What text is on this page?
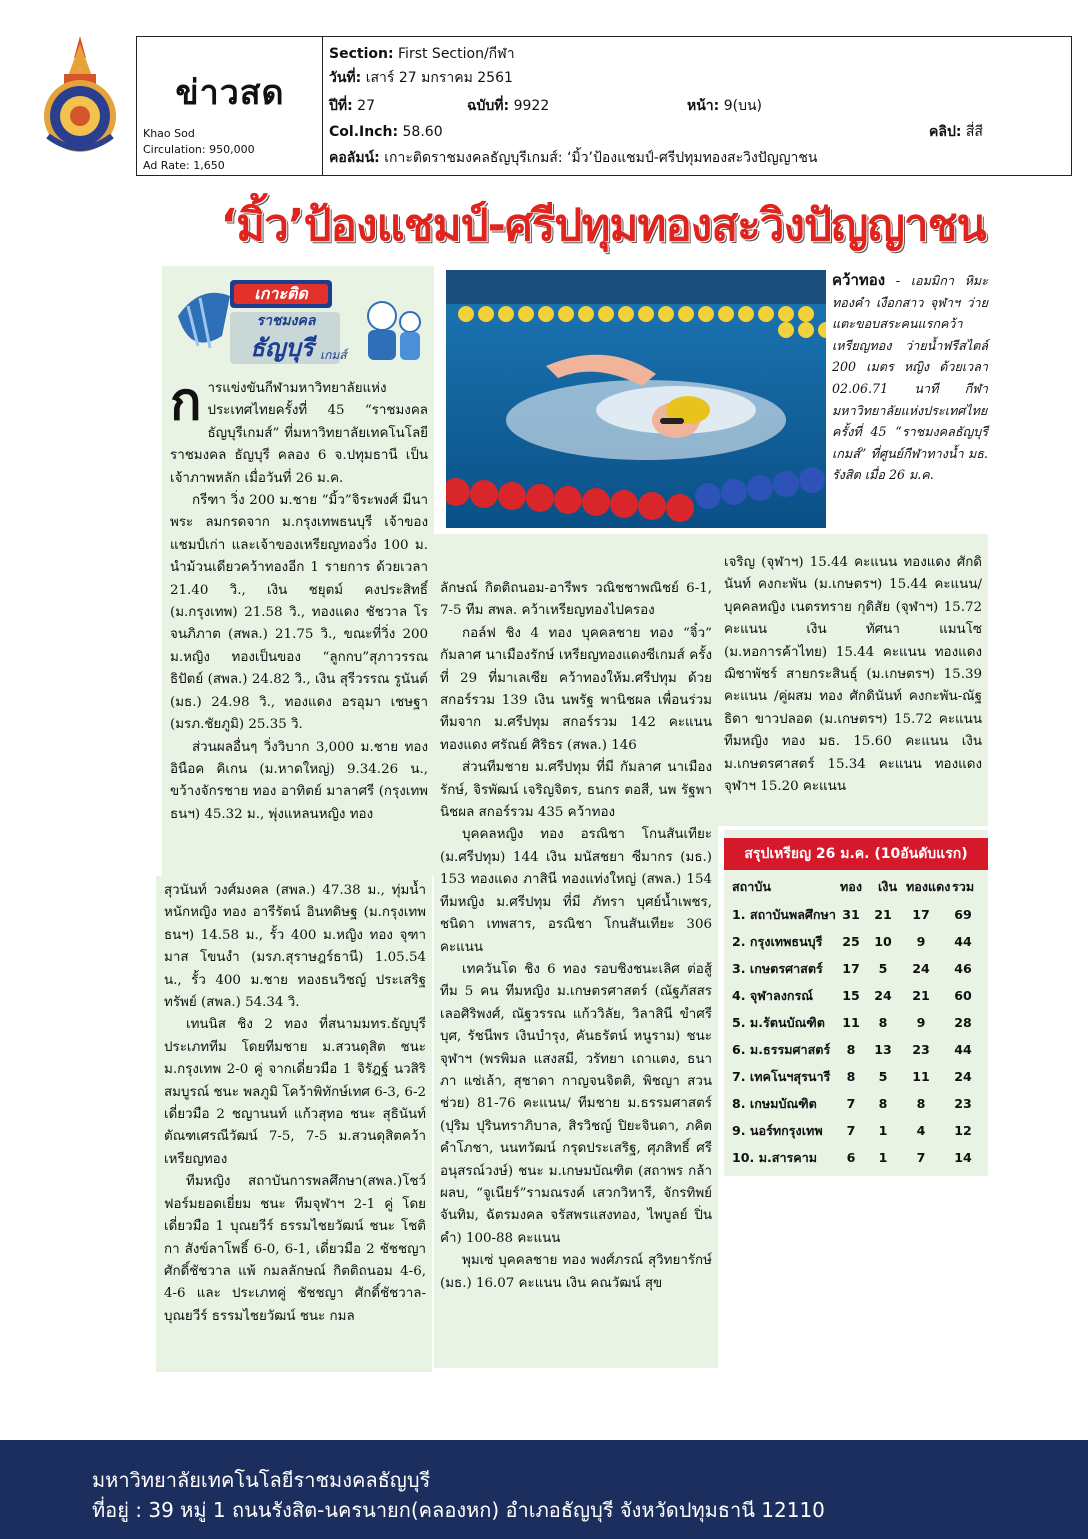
ข่าวสด
Khao Sod
Circulation: 950,000
Ad Rate: 1,650
Section: First Section/กีฬา
วันที่: เสาร์ 27 มกราคม 2561
ปีที่: 27	ฉบับที่: 9922	หน้า: 9(บน)
Col.Inch: 58.60	คลิป: สี่สี
คอลัมน์: เกาะติดราชมงคลธัญบุรีเกมส์: ‘มิ้ว’ป้องแชมป์-ศรีปทุมทองสะวิงปัญญาชน
‘มิ้ว’ป้องแชมป์-ศรีปทุมทองสะวิงปัญญาชน
เกาะติด
ราชมงคล
ธัญบุรี เกมส์

การแข่งขันกีฬามหาวิทยาลัยแห่งประเทศไทยครั้งที่ 45 “ราชมงคลธัญบุรีเกมส์” ที่มหาวิทยาลัยเทคโนโลยีราชมงคล ธัญบุรี คลอง 6 จ.ปทุมธานี เป็นเจ้าภาพหลัก เมื่อวันที่ 26 ม.ค.

กรีฑา วิ่ง 200 ม.ชาย “มิ้ว”จิระพงศ์ มีนาพระ ลมกรดจาก ม.กรุงเทพธนบุรี เจ้าของแชมป์เก่า และเจ้าของเหรียญทองวิ่ง 100 ม. นำม้วนเดียวคว้าทองอีก 1 รายการ ด้วยเวลา 21.40 วิ., เงิน ชยุตม์ คงประสิทธิ์ (ม.กรุงเทพ) 21.58 วิ., ทองแดง ชัชวาล โรจนภิภาต (สพล.) 21.75 วิ., ขณะที่วิ่ง 200 ม.หญิง ทองเป็นของ “ลูกกบ”สุภาวรรณ ธิปัตย์ (สพล.) 24.82 วิ., เงิน สุรีวรรณ รูนันต์ (มธ.) 24.98 วิ., ทองแดง อรอุมา เชษฐา (มรภ.ชัยภูมิ) 25.35 วิ.

ส่วนผลอื่นๆ วิ่งวิบาก 3,000 ม.ชาย ทอง อินือค คิเกน (ม.หาดใหญ่) 9.34.26 น., ขว้างจักรชาย ทอง อาทิตย์ มาลาศรี (กรุงเทพธนฯ) 45.32 ม., พุ่งแหลนหญิง ทอง

สุวนันท์ วงศ์มงคล (สพล.) 47.38 ม., ทุ่มน้ำหนักหญิง ทอง อารีรัตน์ อินทดิษฐ (ม.กรุงเทพธนฯ) 14.58 ม., รั้ว 400 ม.หญิง ทอง จุฑามาส โขนงำ (มรภ.สุราษฎร์ธานี) 1.05.54 น., รั้ว 400 ม.ชาย ทองธนวิชญ์ ประเสริฐทรัพย์ (สพล.) 54.34 วิ.

เทนนิส ชิง 2 ทอง ที่สนามมทร.ธัญบุรี ประเภททีม โดยทีมชาย ม.สวนดุสิต ชนะ ม.กรุงเทพ 2-0 คู่ จากเดี่ยวมือ 1 จิรัฎฐ์ นวสิริสมบูรณ์ ชนะ พลภูมิ โคว้าพิทักษ์เทศ 6-3, 6-2 เดี่ยวมือ 2 ชญานนท์ แก้วสุทอ ชนะ สุธินันท์ ตัณฑเศรณีวัฒน์ 7-5, 7-5 ม.สวนดุสิตคว้าเหรียญทอง

ทีมหญิง สถาบันการพลศึกษา(สพล.)โชว์ฟอร์มยอดเยี่ยม ชนะ ทีมจุฬาฯ 2-1 คู่ โดย เดี่ยวมือ 1 บุณยวีร์ ธรรมไชยวัฒน์ ชนะ โชติกา สังข์ลาโพธิ์ 6-0, 6-1, เดี่ยวมือ 2 ชัชชญา ศักดิ์ชัชวาล แพ้ กมลลักษณ์ กิตติถนอม 4-6, 4-6 และ ประเภทคู่ ชัชชญา ศักดิ์ชัชวาล-บุณยวีร์ ธรรมไชยวัฒน์ ชนะ กมล

คว้าทอง - เอมมิกา หิมะทองคำ เงือกสาว จุฬาฯ ว่ายแตะขอบสระคนแรกคว้าเหรียญทอง ว่ายน้ำฟรีสไตล์ 200 เมตร หญิง ด้วยเวลา 02.06.71 นาที กีฬามหาวิทยาลัยแห่งประเทศไทย ครั้งที่ 45 “ราชมงคลธัญบุรีเกมส์” ที่ศูนย์กีฬาทางน้ำ มธ. รังสิต เมื่อ 26 ม.ค.

ลักษณ์ กิตติถนอม-อารีพร วณิชชาพณิชย์ 6-1, 7-5 ทีม สพล. คว้าเหรียญทองไปครอง

กอล์ฟ ชิง 4 ทอง บุคคลชาย ทอง “จิ๋ว” กัมลาศ นาเมืองรักษ์ เหรียญทองแดงซีเกมส์ ครั้งที่ 29 ที่มาเลเซีย คว้าทองให้ม.ศรีปทุม ด้วยสกอร์รวม 139 เงิน นพรัฐ พานิชผล เพื่อนร่วมทีมจาก ม.ศรีปทุม สกอร์รวม 142 คะแนน ทองแดง ศรัณย์ ศิริธร (สพล.) 146

ส่วนทีมชาย ม.ศรีปทุม ที่มี กัมลาศ นาเมืองรักษ์, จิรพัฒน์ เจริญจิตร, ธนกร ตอสี, นพ รัฐพานิชผล สกอร์รวม 435 คว้าทอง

บุคคลหญิง ทอง อรณิชา โกนสันเทียะ (ม.ศรีปทุม) 144 เงิน มนัสชยา ซีมากร (มธ.) 153 ทองแดง ภาสินี ทองแท่งใหญ่ (สพล.) 154 ทีมหญิง ม.ศรีปทุม ที่มี ภัทรา บุศย์น้ำเพชร, ชนิดา เทพสาร, อรณิชา โกนสันเทียะ 306 คะแนน

เทควันโด ชิง 6 ทอง รอบชิงชนะเลิศ ต่อสู้ ทีม 5 คน ทีมหญิง ม.เกษตรศาสตร์ (ณัฐภัสสร เลอศิริพงศ์, ณัฐวรรณ แก้ววิลัย, วิลาสินี ขำศรีบุศ, รัชนีพร เงินบำรุง, คันธรัตน์ หนูราม) ชนะ จุฬาฯ (พรพิมล แสงสมี, วรัทยา เถาแตง, ธนาภา แซ่เล้า, สุชาดา กาญจนจิตติ, พิชญา สวนช่วย) 81-76 คะแนน/ ทีมชาย ม.ธรรมศาสตร์ (ปุริม ปุรินทราภิบาล, สิรวิชญ์ ปิยะจินดา, ภคิต คำโภชา, นนทวัฒน์ กรุดประเสริฐ, ศุภสิทธิ์ ศรีอนุสรณ์วงษ์) ชนะ ม.เกษมบัณฑิต (สถาพร กล้าผลบ, “จูเนียร์”รามณรงค์ เสวกวิหารี, จักรทิพย์ จันทิม, ฉัตรมงคล จรัสพรแสงทอง, ไพบูลย์ ปิ่นคำ) 100-88 คะแนน

พุมเซ่ บุคคลชาย ทอง พงศ์ภรณ์ สุวิทยารักษ์ (มธ.) 16.07 คะแนน เงิน คณวัฒน์ สุข

เจริญ (จุฬาฯ) 15.44 คะแนน ทองแดง ศักดินันท์ คงกะพัน (ม.เกษตรฯ) 15.44 คะแนน/ บุคคลหญิง เนตรทราย กุดิสัย (จุฬาฯ) 15.72 คะแนน เงิน ทัศนา แมนโซ (ม.หอการค้าไทย) 15.44 คะแนน ทองแดง ฌิชาพัชร์ สายกระสินธุ์ (ม.เกษตรฯ) 15.39 คะแนน /คู่ผสม ทอง ศักดินันท์ คงกะพัน-ณัฐธิดา ขาวปลอด (ม.เกษตรฯ) 15.72 คะแนน ทีมหญิง ทอง มธ. 15.60 คะแนน เงิน ม.เกษตรศาสตร์ 15.34 คะแนน ทองแดง จุฬาฯ 15.20 คะแนน

สรุปเหรียญ 26 ม.ค. (10อันดับแรก)
สถาบัน	ทอง เงิน ทองแดง รวม
1. สถาบันพลศึกษา 31 21 17 69
2. กรุงเทพธนบุรี 25 10	9	44
3. เกษตรศาสตร์ 17	5	24 46
4. จุฬาลงกรณ์ 15 24 21 60
5. ม.รัตนบัณฑิต 11	8	9	28
6. ม.ธรรมศาสตร์	8	13 23 44
7. เทคโนฯสุรนารี	8	5	11 24
8. เกษมบัณฑิต	7	8	8	23
9. นอร์ทกรุงเทพ	7	1	4	12
10. ม.สารคาม	6	1	7	14
มหาวิทยาลัยเทคโนโลยีราชมงคลธัญบุรี
ที่อยู่ : 39 หมู่ 1 ถนนรังสิต-นครนายก(คลองหก) อำเภอธัญบุรี จังหวัดปทุมธานี 12110
